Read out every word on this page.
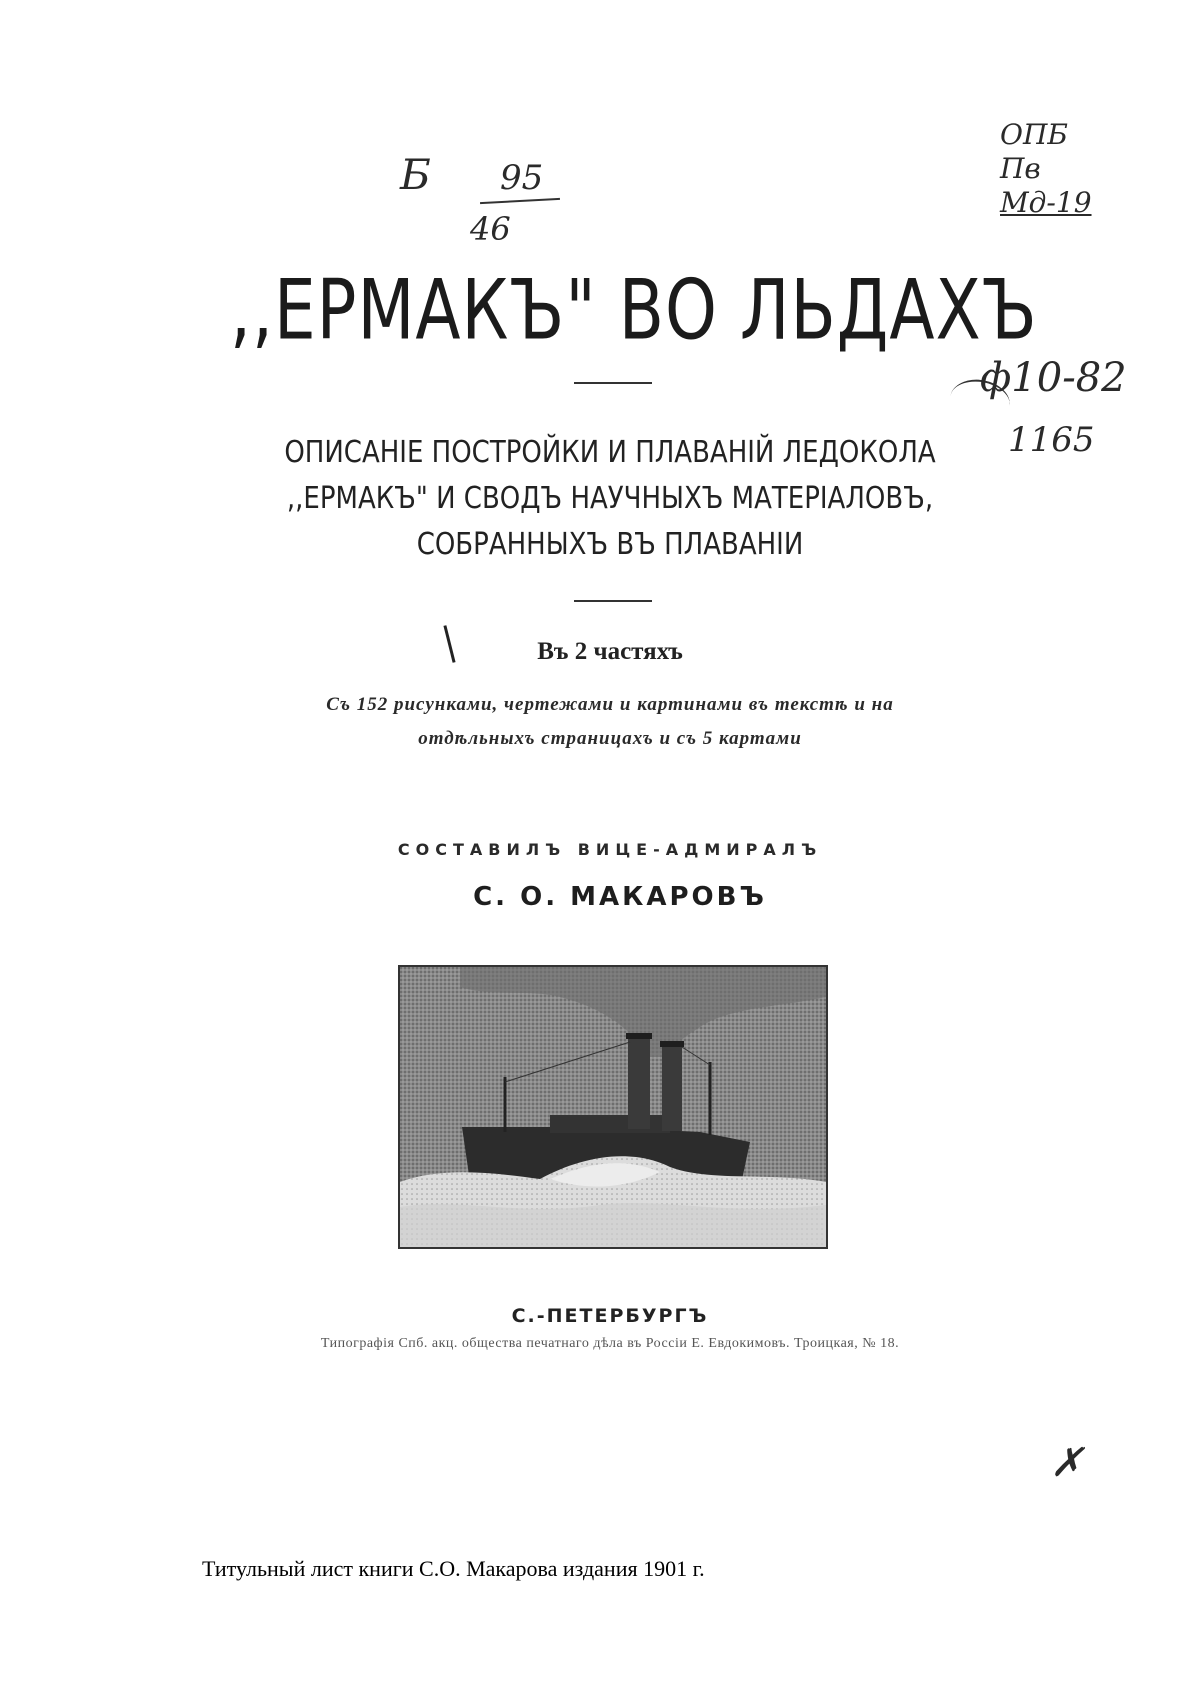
Б 95
46
ОПБ
Пв
Мд-19
ф10-82
1165
,,ЕРМАКЪ" ВО ЛЬДАХЪ
ОПИСАНІЕ ПОСТРОЙКИ И ПЛАВАНІЙ ЛЕДОКОЛА
,,ЕРМАКЪ" И СВОДЪ НАУЧНЫХЪ МАТЕРІАЛОВЪ,
СОБРАННЫХЪ ВЪ ПЛАВАНІИ
Въ 2 частяхъ
Съ 152 рисунками, чертежами и картинами въ текстѣ и на
отдѣльныхъ страницахъ и съ 5 картами
СОСТАВИЛЪ ВИЦЕ-АДМИРАЛЪ
С. О. МАКАРОВЪ
С.-ПЕТЕРБУРГЪ
Типографія Спб. акц. общества печатнаго дѣла въ Россіи Е. Евдокимовъ. Троицкая, № 18.
✗
Титульный лист книги С.О. Макарова издания 1901 г.
